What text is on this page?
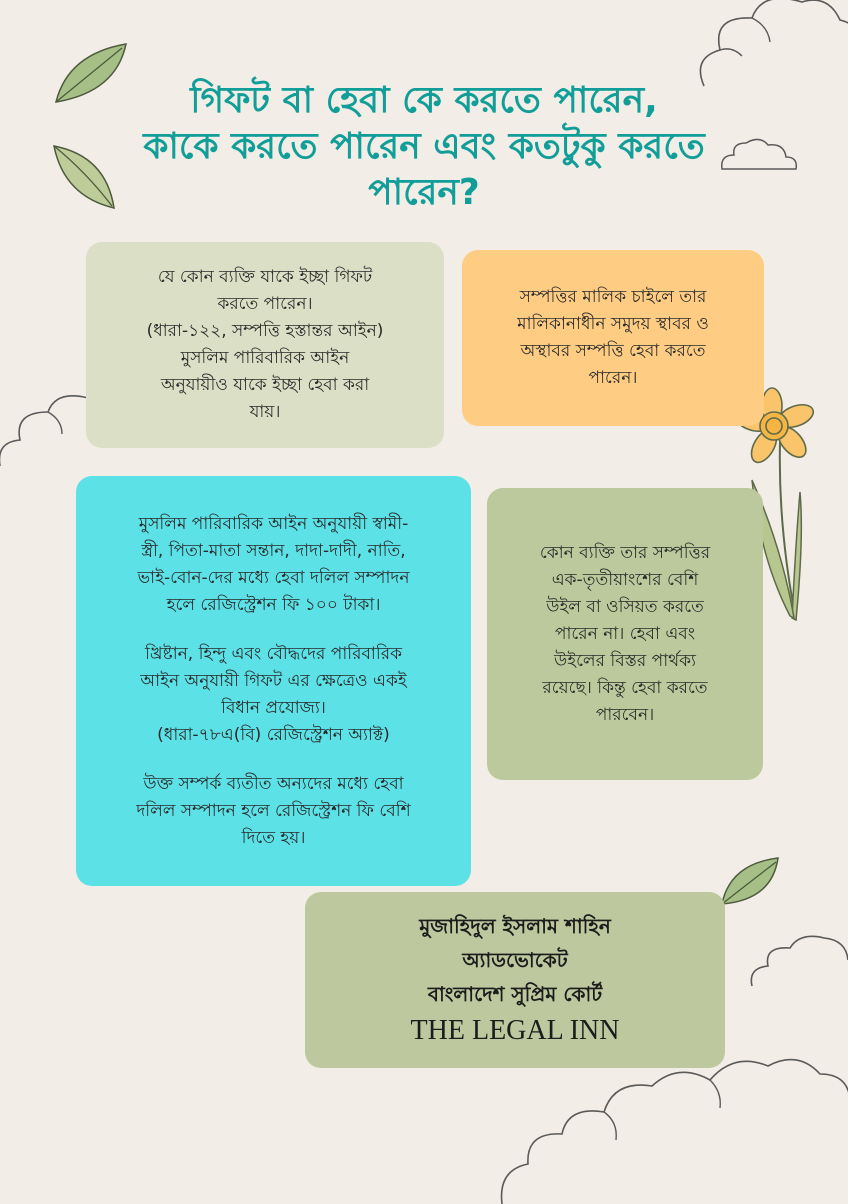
গিফট বা হেবা কে করতে পারেন,
কাকে করতে পারেন এবং কতটুকু করতে
পারেন?

যে কোন ব্যক্তি যাকে ইচ্ছা গিফট

করতে পারেন।

(ধারা-১২২, সম্পত্তি হস্তান্তর আইন)

মুসলিম পারিবারিক আইন

অনুযায়ীও যাকে ইচ্ছা হেবা করা

যায়।

সম্পত্তির মালিক চাইলে তার

মালিকানাধীন সমুদয় স্থাবর ও

অস্থাবর সম্পত্তি হেবা করতে

পারেন।

মুসলিম পারিবারিক আইন অনুযায়ী স্বামী-

স্ত্রী, পিতা-মাতা সন্তান, দাদা-দাদী, নাতি,

ভাই-বোন-দের মধ্যে হেবা দলিল সম্পাদন

হলে রেজিস্ট্রেশন ফি ১০০ টাকা।

খ্রিষ্টান, হিন্দু এবং বৌদ্ধদের পারিবারিক

আইন অনুযায়ী গিফট এর ক্ষেত্রেও একই

বিধান প্রযোজ্য।

(ধারা-৭৮এ(বি) রেজিস্ট্রেশন অ্যাক্ট)

উক্ত সম্পর্ক ব্যতীত অন্যদের মধ্যে হেবা

দলিল সম্পাদন হলে রেজিস্ট্রেশন ফি বেশি

দিতে হয়।

কোন ব্যক্তি তার সম্পত্তির

এক-তৃতীয়াংশের বেশি

উইল বা ওসিয়ত করতে

পারেন না। হেবা এবং

উইলের বিস্তর পার্থক্য

রয়েছে। কিন্তু হেবা করতে

পারবেন।

মুজাহিদুল ইসলাম শাহিন

অ্যাডভোকেট

বাংলাদেশ সুপ্রিম কোর্ট

THE LEGAL INN
